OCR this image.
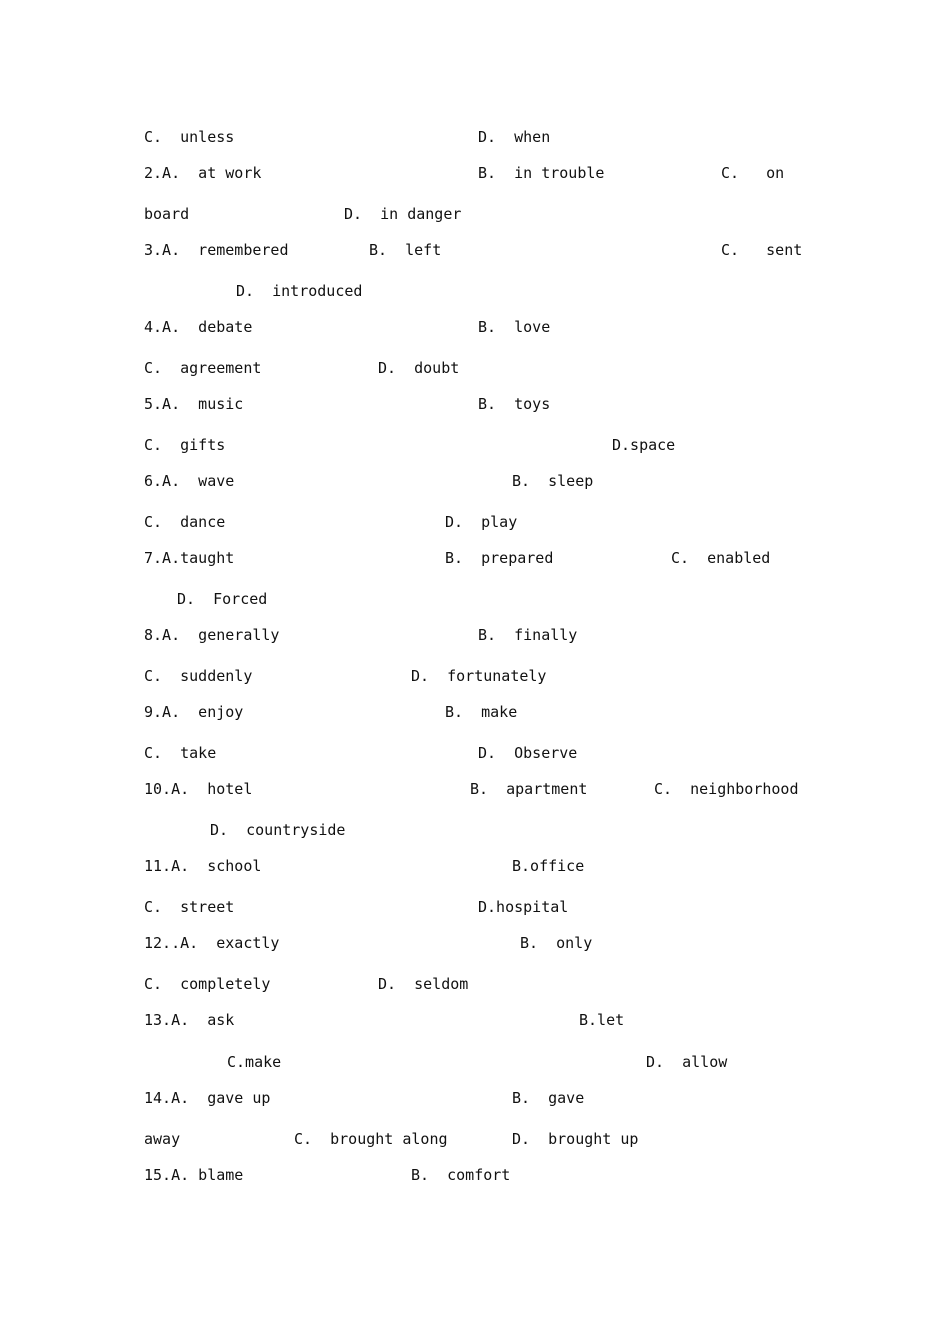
C.  unless	D.  when
2.A.  at work	B.  in trouble	C.   on
board	D.  in danger
3.A.  remembered	B.  left	C.   sent
D.  introduced
4.A.  debate	B.  love
C.  agreement	D.  doubt
5.A.  music	B.  toys
C.  gifts	D.space
6.A.  wave	B.  sleep
C.  dance	D.  play
7.A.taught	B.  prepared	C.  enabled
D.  Forced
8.A.  generally	B.  finally
C.  suddenly	D.  fortunately
9.A.  enjoy	B.  make
C.  take	D.  Observe
10.A.  hotel	B.  apartment	C.  neighborhood
D.  countryside
11.A.  school	B.office
C.  street	D.hospital
12..A.  exactly	B.  only
C.  completely	D.  seldom
13.A.  ask	B.let
C.make	D.  allow
14.A.  gave up	B.  gave
away	C.  brought along	D.  brought up
15.A. blame	B.  comfort
